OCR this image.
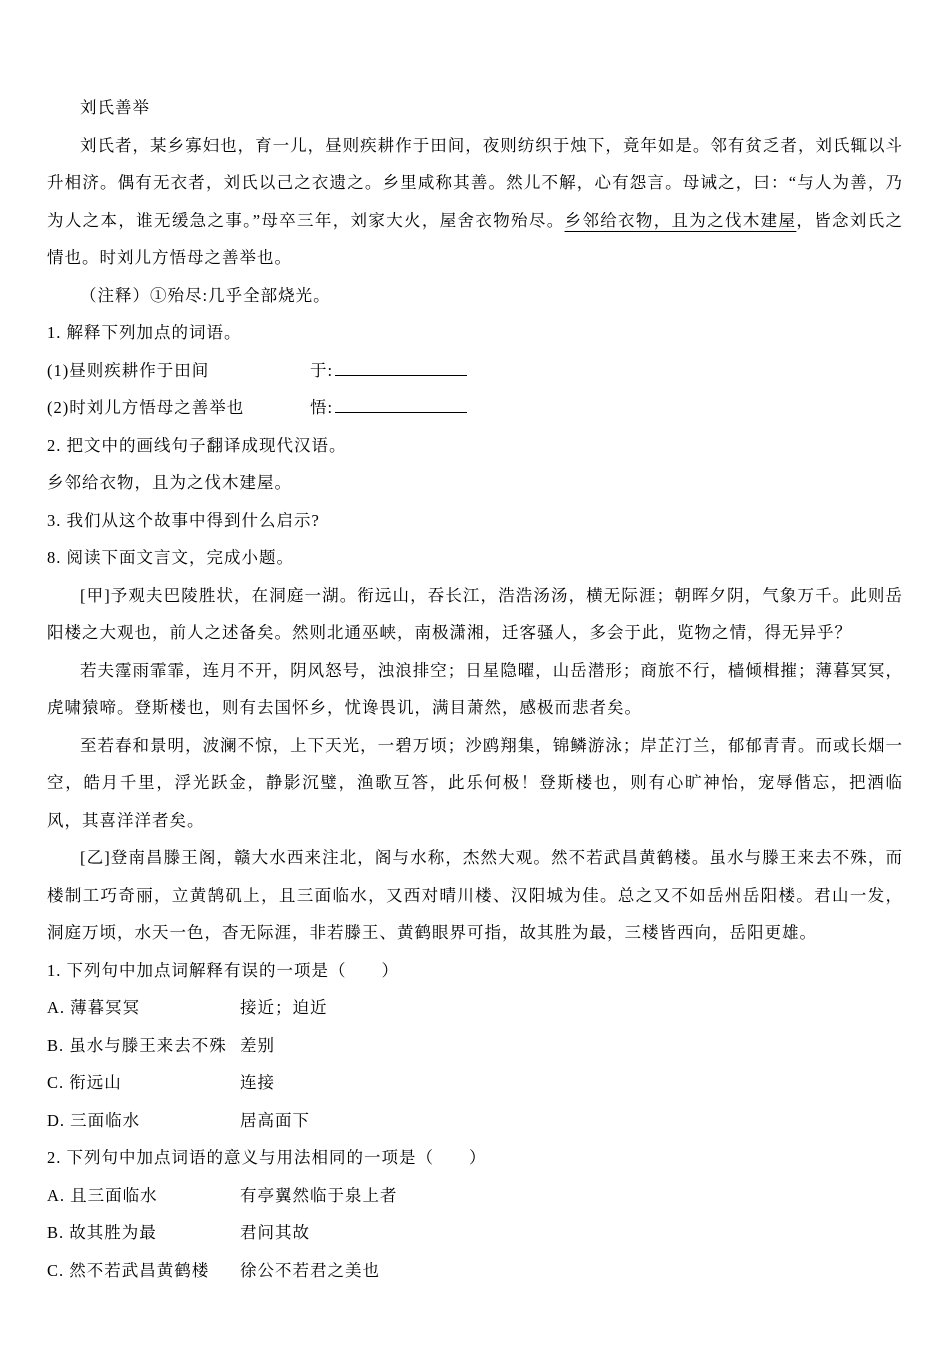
刘氏善举

刘氏者，某乡寡妇也，育一儿，昼则疾耕作于田间，夜则纺织于烛下，竟年如是。邻有贫乏者，刘氏辄以斗升相济。偶有无衣者，刘氏以己之衣遗之。乡里咸称其善。然儿不解，心有怨言。母诫之，曰：“与人为善，乃为人之本，谁无缓急之事。”母卒三年，刘家大火，屋舍衣物殆尽。乡邻给衣物，且为之伐木建屋，皆念刘氏之情也。时刘儿方悟母之善举也。

（注释）①殆尽:几乎全部烧光。

1. 解释下列加点的词语。

(1)昼则疾耕作于田间	于:
(2)时刘儿方悟母之善举也	悟:

2. 把文中的画线句子翻译成现代汉语。

乡邻给衣物，且为之伐木建屋。

3. 我们从这个故事中得到什么启示?

8. 阅读下面文言文，完成小题。

[甲]予观夫巴陵胜状，在洞庭一湖。衔远山，吞长江，浩浩汤汤，横无际涯；朝晖夕阴，气象万千。此则岳阳楼之大观也，前人之述备矣。然则北通巫峡，南极潇湘，迁客骚人，多会于此，览物之情，得无异乎？

若夫霪雨霏霏，连月不开，阴风怒号，浊浪排空；日星隐曜，山岳潜形；商旅不行，樯倾楫摧；薄暮冥冥，虎啸猿啼。登斯楼也，则有去国怀乡，忧谗畏讥，满目萧然，感极而悲者矣。

至若春和景明，波澜不惊，上下天光，一碧万顷；沙鸥翔集，锦鳞游泳；岸芷汀兰，郁郁青青。而或长烟一空，皓月千里，浮光跃金，静影沉璧，渔歌互答，此乐何极！登斯楼也，则有心旷神怡，宠辱偕忘，把酒临风，其喜洋洋者矣。

[乙]登南昌滕王阁，赣大水西来注北，阁与水称，杰然大观。然不若武昌黄鹤楼。虽水与滕王来去不殊，而楼制工巧奇丽，立黄鹄矶上，且三面临水，又西对晴川楼、汉阳城为佳。总之又不如岳州岳阳楼。君山一发，洞庭万顷，水天一色，杳无际涯，非若滕王、黄鹤眼界可指，故其胜为最，三楼皆西向，岳阳更雄。

1. 下列句中加点词解释有误的一项是（　　）

A. 薄暮冥冥	接近；迫近
B. 虽水与滕王来去不殊 差别
C. 衔远山	连接
D. 三面临水	居高面下

2. 下列句中加点词语的意义与用法相同的一项是（　　）

A. 且三面临水	有亭翼然临于泉上者
B. 故其胜为最	君问其故
C. 然不若武昌黄鹤楼	徐公不若君之美也
